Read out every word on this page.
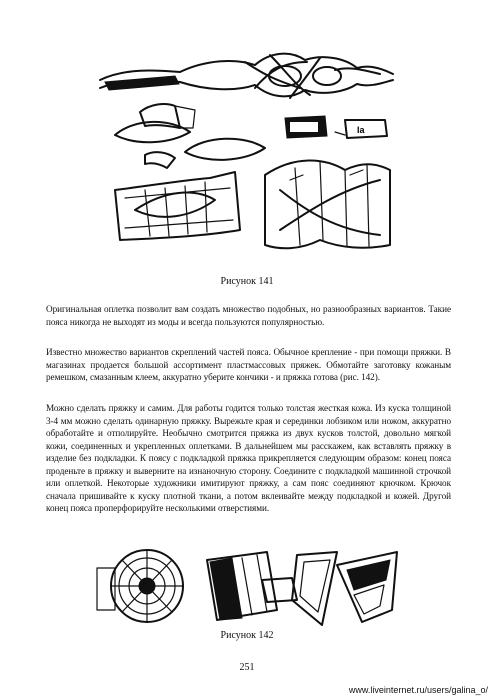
la
Рисунок 141
Оригинальная оплетка позволит вам создать множество подобных, но разнообразных вариантов. Такие пояса никогда не выходят из моды и всегда пользуются популярностью.
Известно множество вариантов скреплений частей пояса. Обычное крепление - при помощи пряжки. В магазинах продается большой ассортимент пластмассовых пряжек. Обмотайте заготовку кожаным ремешком, смазанным клеем, аккуратно уберите кончики - и пряжка готова (рис. 142).
Можно сделать пряжку и самим. Для работы годится только толстая жесткая кожа. Из куска толщиной 3-4 мм можно сделать одинарную пряжку. Вырежьте края и серединки лобзиком или ножом, аккуратно обработайте и отполируйте. Необычно смотрится пряжка из двух кусков толстой, довольно мягкой кожи, соединенных и укрепленных оплетками. В дальнейшем мы расскажем, как вставлять пряжку в изделие без подкладки. К поясу с подкладкой пряжка прикрепляется следующим образом: конец пояса проденьте в пряжку и выверните на изнаночную сторону. Соедините с подкладкой машинной строчкой или оплеткой. Некоторые художники имитируют пряжку, а сам пояс соединяют крючком. Крючок сначала пришивайте к куску плотной ткани, а потом вклеивайте между подкладкой и кожей. Другой конец пояса проперфорируйте несколькими отверстиями.
Рисунок 142
251
www.liveinternet.ru/users/galina_o/
